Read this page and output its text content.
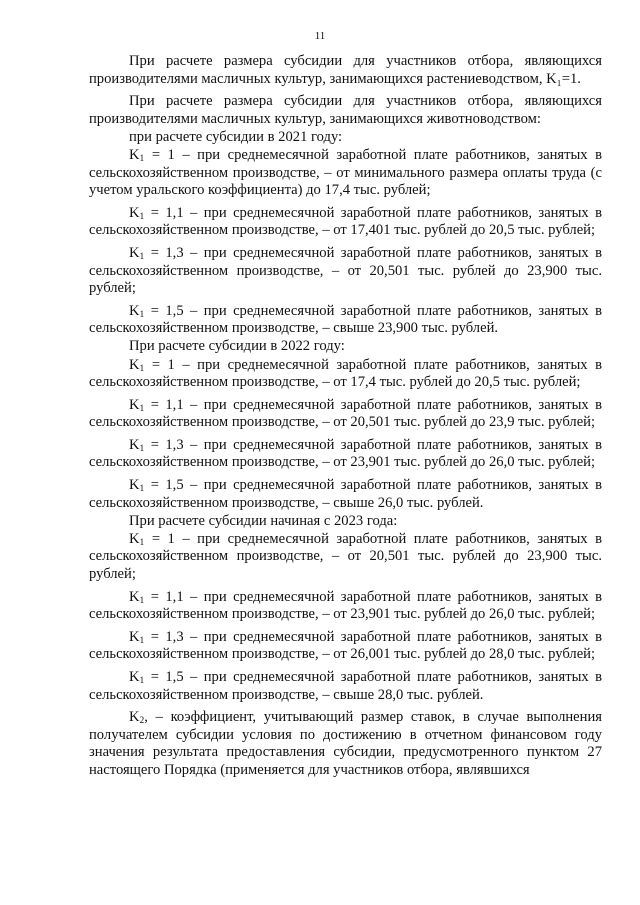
11

При расчете размера субсидии для участников отбора, являющихся производителями масличных культур, занимающихся растениеводством, K₁=1.

При расчете размера субсидии для участников отбора, являющихся производителями масличных культур, занимающихся животноводством:

при расчете субсидии в 2021 году:

$K_1 = 1$ – при среднемесячной заработной плате работников, занятых в сельскохозяйственном производстве, – от минимального размера оплаты труда (с учетом уральского коэффициента) до 17,4 тыс. рублей;

$K_1 = 1,1$ – при среднемесячной заработной плате работников, занятых в сельскохозяйственном производстве, – от 17,401 тыс. рублей до 20,5 тыс. рублей;

$K_1 = 1,3$ – при среднемесячной заработной плате работников, занятых в сельскохозяйственном производстве, – от 20,501 тыс. рублей до 23,900 тыс. рублей;

$K_1 = 1,5$ – при среднемесячной заработной плате работников, занятых в сельскохозяйственном производстве, – свыше 23,900 тыс. рублей.

При расчете субсидии в 2022 году:

$K_1 = 1$ – при среднемесячной заработной плате работников, занятых в сельскохозяйственном производстве, – от 17,4 тыс. рублей до 20,5 тыс. рублей;

$K_1 = 1,1$ – при среднемесячной заработной плате работников, занятых в сельскохозяйственном производстве, – от 20,501 тыс. рублей до 23,9 тыс. рублей;

$K_1 = 1,3$ – при среднемесячной заработной плате работников, занятых в сельскохозяйственном производстве, – от 23,901 тыс. рублей до 26,0 тыс. рублей;

$K_1 = 1,5$ – при среднемесячной заработной плате работников, занятых в сельскохозяйственном производстве, – свыше 26,0 тыс. рублей.

При расчете субсидии начиная с 2023 года:

$K_1 = 1$ – при среднемесячной заработной плате работников, занятых в сельскохозяйственном производстве, – от 20,501 тыс. рублей до 23,900 тыс. рублей;

$K_1 = 1,1$ – при среднемесячной заработной плате работников, занятых в сельскохозяйственном производстве, – от 23,901 тыс. рублей до 26,0 тыс. рублей;

$K_1 = 1,3$ – при среднемесячной заработной плате работников, занятых в сельскохозяйственном производстве, – от 26,001 тыс. рублей до 28,0 тыс. рублей;

$K_1 = 1,5$ – при среднемесячной заработной плате работников, занятых в сельскохозяйственном производстве, – свыше 28,0 тыс. рублей.

$K_2$, – коэффициент, учитывающий размер ставок, в случае выполнения получателем субсидии условия по достижению в отчетном финансовом году значения результата предоставления субсидии, предусмотренного пунктом 27 настоящего Порядка (применяется для участников отбора, являвшихся
